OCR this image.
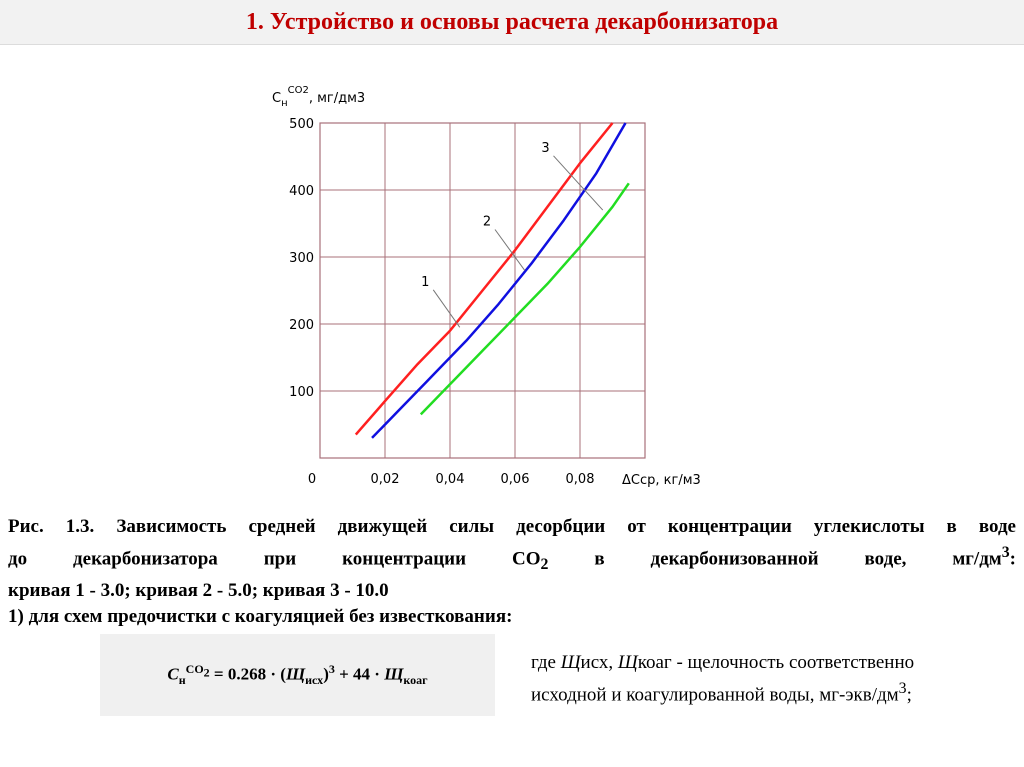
1. Устройство и основы расчета декарбонизатора
0	0,02	0,04	0,06	0,08
100
200
300
400
500
1
2
3
$С_н^{CO2}$, мг/дм3
ΔCср, кг/м3
Рис. 1.3. Зависимость средней движущей силы десорбции от концентрации углекислоты в воде
до декарбонизатора при концентрации $СО_2$ в декарбонизованной воде, $мг/дм^3$:
кривая 1 - 3.0; кривая 2 - 5.0; кривая 3 - 10.0
1) для схем предочистки с коагуляцией без известкования:
$С_н^{CO_2} = 0.268 \cdot (Щ_{исх})^3 + 44 \cdot Щ_{коаг}$
где Щисх, Щкоаг - щелочность соответственно исходной и коагулированной воды, $мг-экв/дм^3$;
